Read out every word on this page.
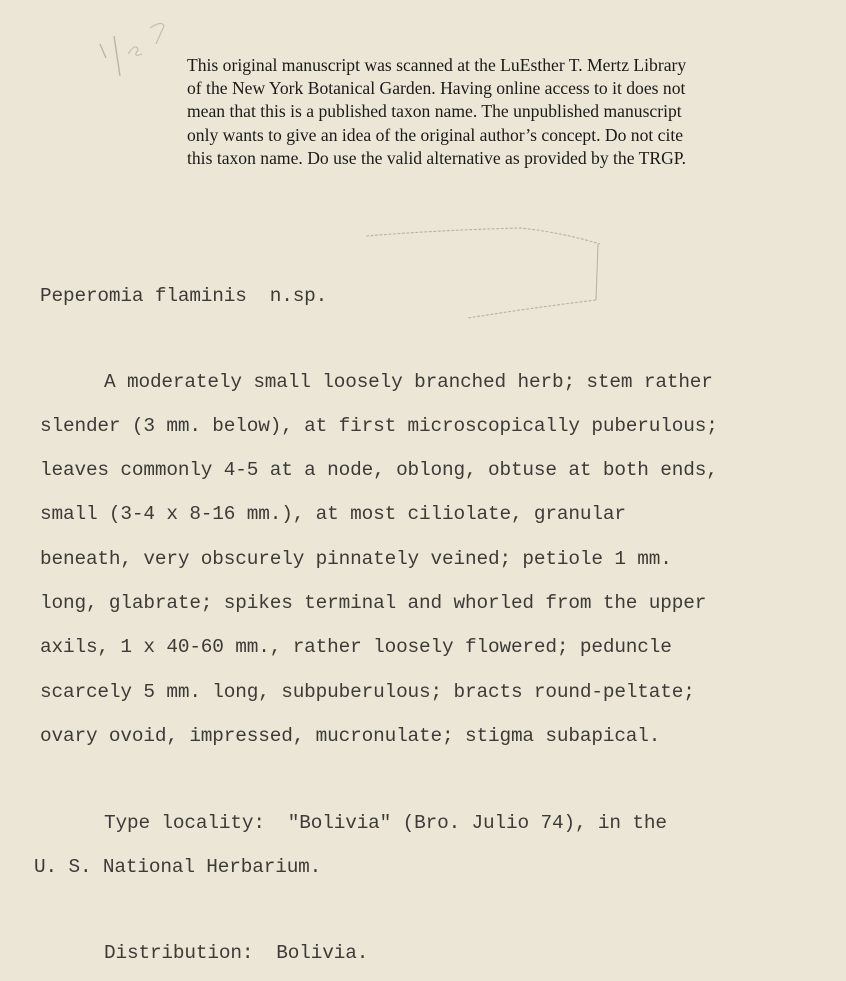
This original manuscript was scanned at the LuEsther T. Mertz Library

of the New York Botanical Garden. Having online access to it does not

mean that this is a published taxon name. The unpublished manuscript

only wants to give an idea of the original author’s concept. Do not cite

this taxon name. Do use the valid alternative as provided by the TRGP.

Peperomia flaminis  n.sp.
A moderately small loosely branched herb; stem rather
slender (3 mm. below), at first microscopically puberulous;
leaves commonly 4-5 at a node, oblong, obtuse at both ends,
small (3-4 x 8-16 mm.), at most ciliolate, granular
beneath, very obscurely pinnately veined; petiole 1 mm.
long, glabrate; spikes terminal and whorled from the upper
axils, 1 x 40-60 mm., rather loosely flowered; peduncle
scarcely 5 mm. long, subpuberulous; bracts round-peltate;
ovary ovoid, impressed, mucronulate; stigma subapical.
Type locality:  "Bolivia" (Bro. Julio 74), in the
U. S. National Herbarium.
Distribution:  Bolivia.
